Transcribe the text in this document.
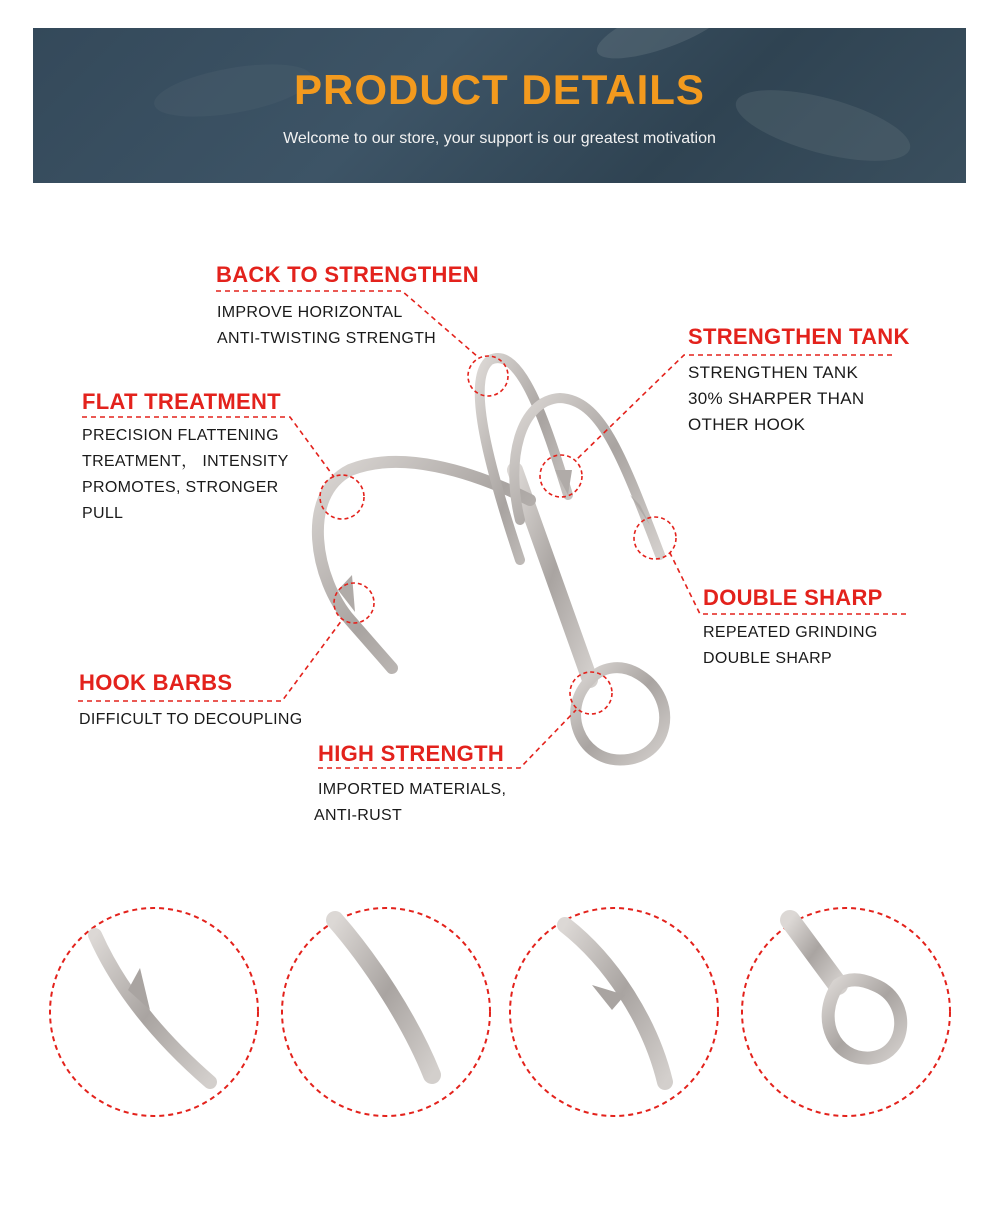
PRODUCT DETAILS
Welcome to our store, your support is our greatest motivation
BACK TO STRENGTHEN
IMPROVE HORIZONTAL
ANTI-TWISTING STRENGTH	STRENGTHEN TANK
STRENGTHEN TANK
30% SHARPER THAN
OTHER HOOK
FLAT TREATMENT
PRECISION FLATTENING
TREATMENT， INTENSITY
PROMOTES, STRONGER
PULL
DOUBLE SHARP
REPEATED GRINDING
DOUBLE SHARP
HOOK BARBS
DIFFICULT TO DECOUPLING
HIGH STRENGTH
IMPORTED MATERIALS,
ANTI-RUST
